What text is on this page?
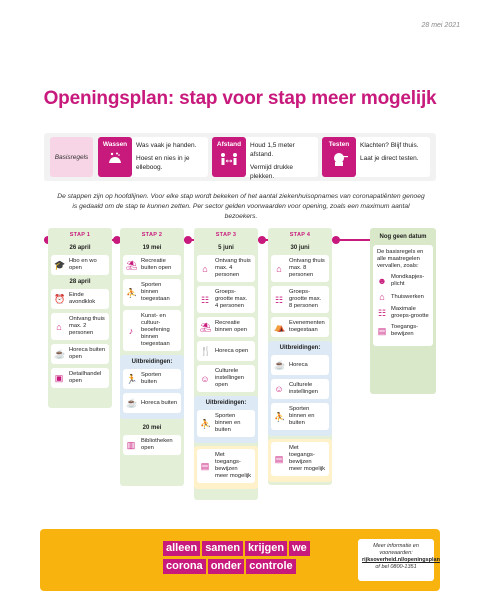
28 mei 2021
Openingsplan: stap voor stap meer mogelijk
Basisregels
Wassen	Was vaak je handen.

Hoest en nies in je elleboog.

Afstand	Houd 1,5 meter afstand.

Vermijd drukke plekken.

Testen	Klachten? Blijf thuis.

Laat je direct testen.

De stappen zijn op hoofdlijnen. Voor elke stap wordt bekeken of het aantal ziekenhuisopnames van coronapatiënten genoeg is gedaald om de stap te kunnen zetten. Per sector gelden voorwaarden voor opening, zoals een maximum aantal bezoekers.
STAP 1
26 april
🎓 Hbo en wo open
28 april
⏰ Einde avondklok
⌂
Ontvang thuis max. 2 personen
☕ Horeca buiten open
▣ Detailhandel open
STAP 2
19 mei
⛱ Recreatie buiten open
⛹
Sporten binnen toegestaan
♪
Kunst- en cultuur-beoefening binnen toegestaan
Uitbreidingen:
🏃 Sporten buiten
☕ Horeca buiten
20 mei
▥ Bibliotheken open
STAP 3
5 juni
⌂
Ontvang thuis max. 4 personen
☷
Groeps-grootte max. 4 personen
⛱ Recreatie binnen open
🍴 Horeca open
☺
Culturele instellingen open
Uitbreidingen:
⛹
Sporten binnen en buiten
▤
Met toegangs-bewijzen meer mogelijk
STAP 4
30 juni
⌂
Ontvang thuis max. 8 personen
☷
Groeps-grootte max. 8 personen
⛺ Evenementen toegestaan
Uitbreidingen:
☕ Horeca
☺ Culturele instellingen
⛹
Sporten binnen en buiten
▤
Met toegangs-bewijzen meer mogelijk
Nog geen datum
De basisregels en alle maatregelen vervallen, zoals:
☻ Mondkapjes-plicht
⌂	Thuiswerken
☷ Maximale groeps-grootte
▤ Toegangs-bewijzen
alleen samen krijgen we
corona onder controle
Meer informatie en voorwaarden:
rijksoverheid.nl/openingsplan
of bel 0800-1351
